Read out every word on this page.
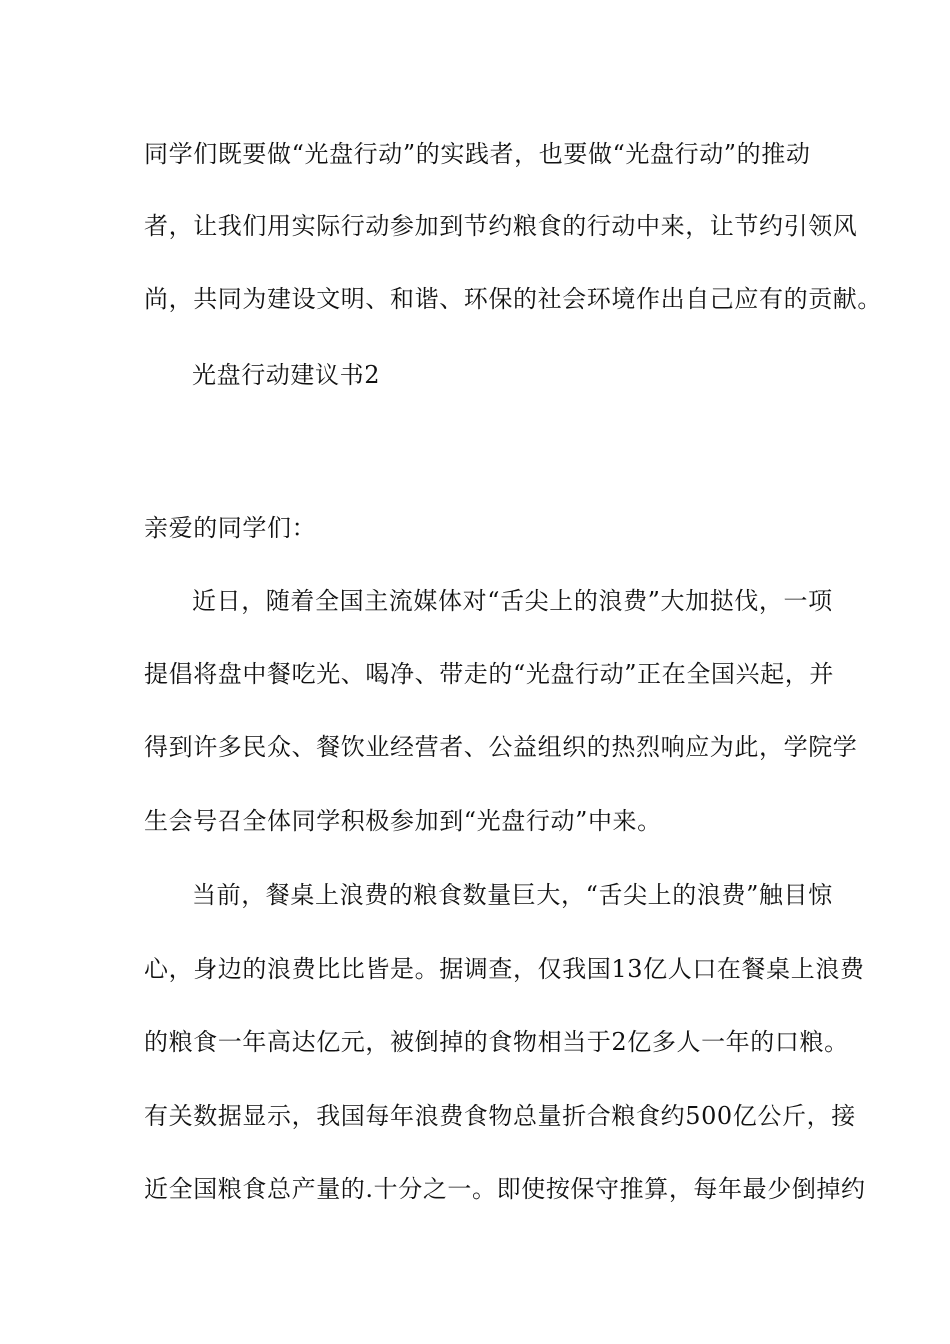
同学们既要做“光盘行动”的实践者，也要做“光盘行动”的推动
者，让我们用实际行动参加到节约粮食的行动中来，让节约引领风
尚，共同为建设文明、和谐、环保的社会环境作出自己应有的贡献。
光盘行动建议书2
亲爱的同学们：
近日，随着全国主流媒体对“舌尖上的浪费”大加挞伐，一项
提倡将盘中餐吃光、喝净、带走的“光盘行动”正在全国兴起，并
得到许多民众、餐饮业经营者、公益组织的热烈响应为此，学院学
生会号召全体同学积极参加到“光盘行动”中来。
当前，餐桌上浪费的粮食数量巨大，“舌尖上的浪费”触目惊
心，身边的浪费比比皆是。据调查，仅我国13亿人口在餐桌上浪费
的粮食一年高达亿元，被倒掉的食物相当于2亿多人一年的口粮。
有关数据显示，我国每年浪费食物总量折合粮食约500亿公斤，接
近全国粮食总产量的.十分之一。即使按保守推算，每年最少倒掉约
